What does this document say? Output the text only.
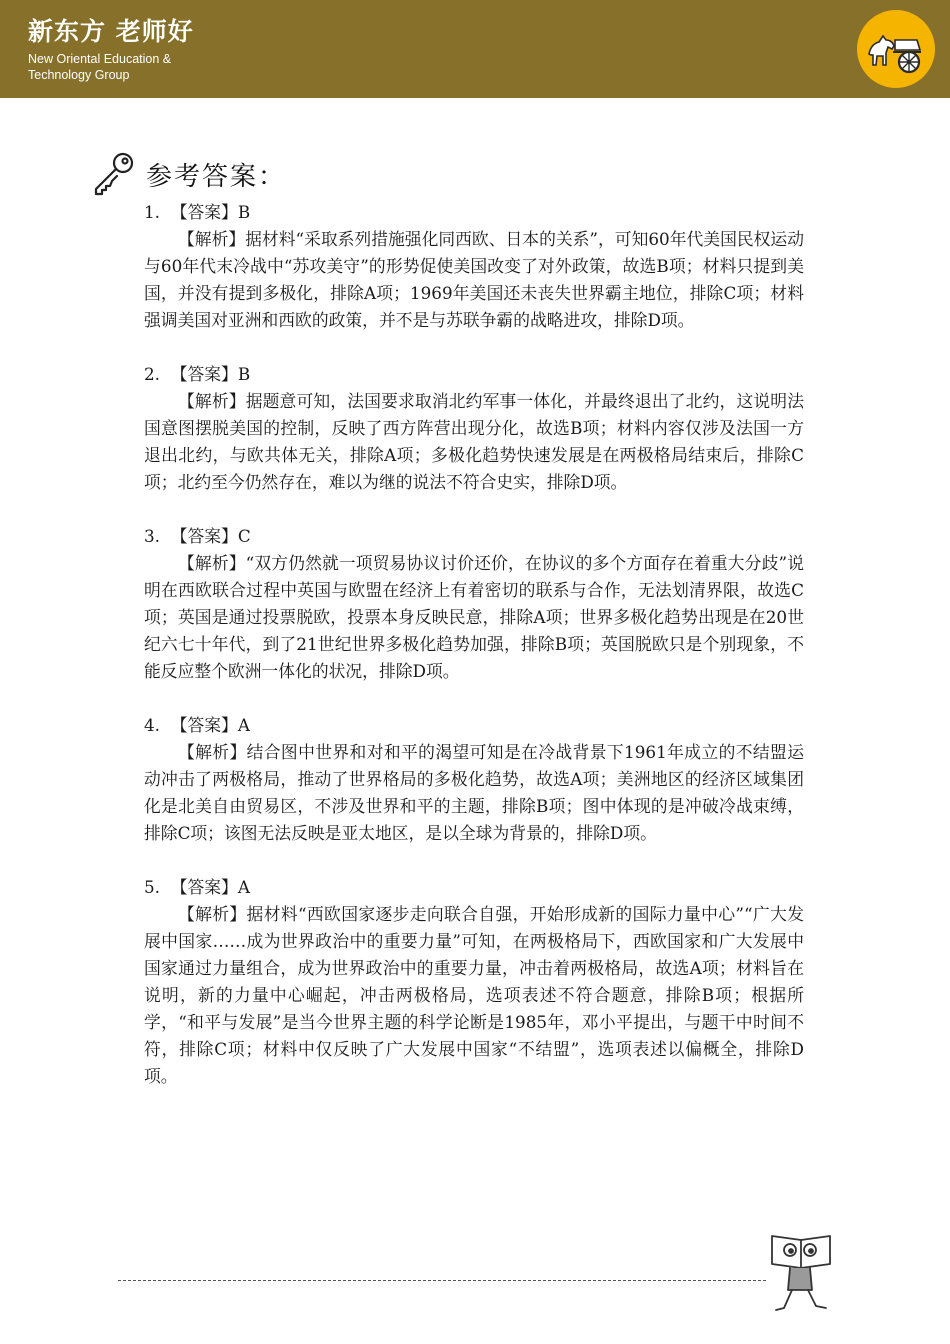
新东方 老师好
New Oriental Education &
Technology Group
参考答案：
1. 【答案】B
【解析】据材料“采取系列措施强化同西欧、日本的关系”，可知60年代美国民权运动与60年代末冷战中“苏攻美守”的形势促使美国改变了对外政策，故选B项；材料只提到美国，并没有提到多极化，排除A项；1969年美国还未丧失世界霸主地位，排除C项；材料强调美国对亚洲和西欧的政策，并不是与苏联争霸的战略进攻，排除D项。
2. 【答案】B
【解析】据题意可知，法国要求取消北约军事一体化，并最终退出了北约，这说明法国意图摆脱美国的控制，反映了西方阵营出现分化，故选B项；材料内容仅涉及法国一方退出北约，与欧共体无关，排除A项；多极化趋势快速发展是在两极格局结束后，排除C项；北约至今仍然存在，难以为继的说法不符合史实，排除D项。
3. 【答案】C
【解析】“双方仍然就一项贸易协议讨价还价，在协议的多个方面存在着重大分歧”说明在西欧联合过程中英国与欧盟在经济上有着密切的联系与合作，无法划清界限，故选C项；英国是通过投票脱欧，投票本身反映民意，排除A项；世界多极化趋势出现是在20世纪六七十年代，到了21世纪世界多极化趋势加强，排除B项；英国脱欧只是个别现象，不能反应整个欧洲一体化的状况，排除D项。
4. 【答案】A
【解析】结合图中世界和对和平的渴望可知是在冷战背景下1961年成立的不结盟运动冲击了两极格局，推动了世界格局的多极化趋势，故选A项；美洲地区的经济区域集团化是北美自由贸易区，不涉及世界和平的主题，排除B项；图中体现的是冲破冷战束缚，排除C项；该图无法反映是亚太地区，是以全球为背景的，排除D项。
5. 【答案】A
【解析】据材料“西欧国家逐步走向联合自强，开始形成新的国际力量中心”“广大发展中国家……成为世界政治中的重要力量”可知，在两极格局下，西欧国家和广大发展中国家通过力量组合，成为世界政治中的重要力量，冲击着两极格局，故选A项；材料旨在说明，新的力量中心崛起，冲击两极格局，选项表述不符合题意，排除B项；根据所学，“和平与发展”是当今世界主题的科学论断是1985年，邓小平提出，与题干中时间不符，排除C项；材料中仅反映了广大发展中国家“不结盟”，选项表述以偏概全，排除D项。
